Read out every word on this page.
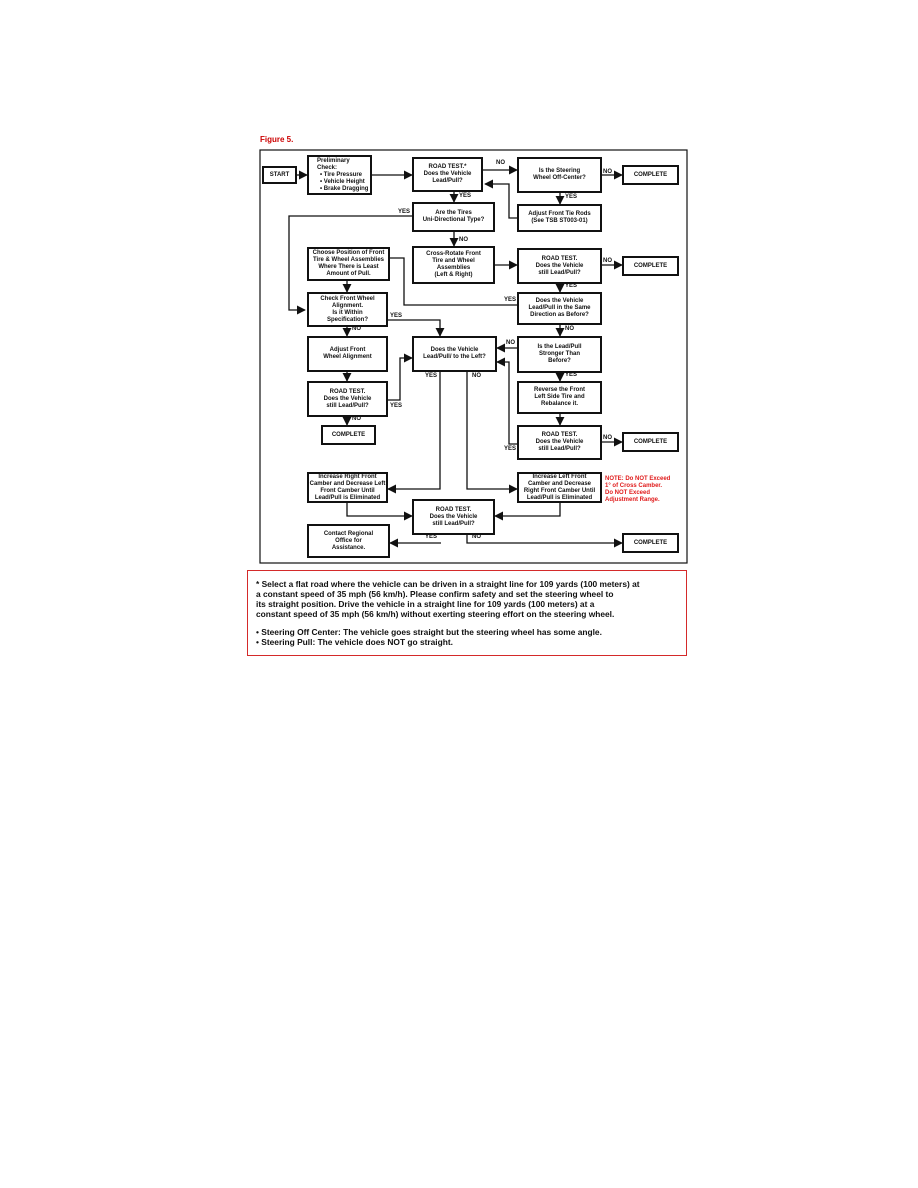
Figure 5.
START
Preliminary Check:
• Tire Pressure
• Vehicle Height
• Brake Dragging
ROAD TEST.*
Does the Vehicle
Lead/Pull?
Is the Steering
Wheel Off-Center?
COMPLETE
Adjust Front Tie Rods
(See TSB ST003-01)
Are the Tires
Uni-Directional Type?
Cross-Rotate Front
Tire and Wheel
Assemblies
(Left & Right)
ROAD TEST.
Does the Vehicle
still Lead/Pull?
COMPLETE
Choose Position of Front
Tire & Wheel Assemblies
Where There is Least
Amount of Pull.
Does the Vehicle
Lead/Pull in the Same
Direction as Before?
Check Front Wheel
Alignment.
Is it Within
Specification?
Adjust Front
Wheel Alignment
Does the Vehicle
Lead/Pull/ to the Left?
Is the Lead/Pull
Stronger Than
Before?
ROAD TEST.
Does the Vehicle
still Lead/Pull?
COMPLETE
Reverse the Front
Left Side Tire and
Rebalance it.
ROAD TEST.
Does the Vehicle
still Lead/Pull?
COMPLETE
Increase Right Front
Camber and Decrease Left
Front Camber Until
Lead/Pull is Eliminated
Increase Left Front
Camber and Decrease
Right Front Camber Until
Lead/Pull is Eliminated
NOTE: Do NOT Exceed
1° of Cross Camber.
Do NOT Exceed
Adjustment Range.
ROAD TEST.
Does the Vehicle
still Lead/Pull?
Contact Regional
Office for
Assistance.
COMPLETE
NO
YES
NO
YES
YES
NO
NO
YES
YES
NO
NO
YES
NO
YES
YES	NO
YES
NO
YES
NO
YES	NO

* Select a flat road where the vehicle can be driven in a straight line for 109 yards (100 meters) at
a constant speed of 35 mph (56 km/h). Please confirm safety and set the steering wheel to
its straight position. Drive the vehicle in a straight line for 109 yards (100 meters) at a
constant speed of 35 mph (56 km/h) without exerting steering effort on the steering wheel.

• Steering Off Center: The vehicle goes straight but the steering wheel has some angle.

• Steering Pull: The vehicle does NOT go straight.
